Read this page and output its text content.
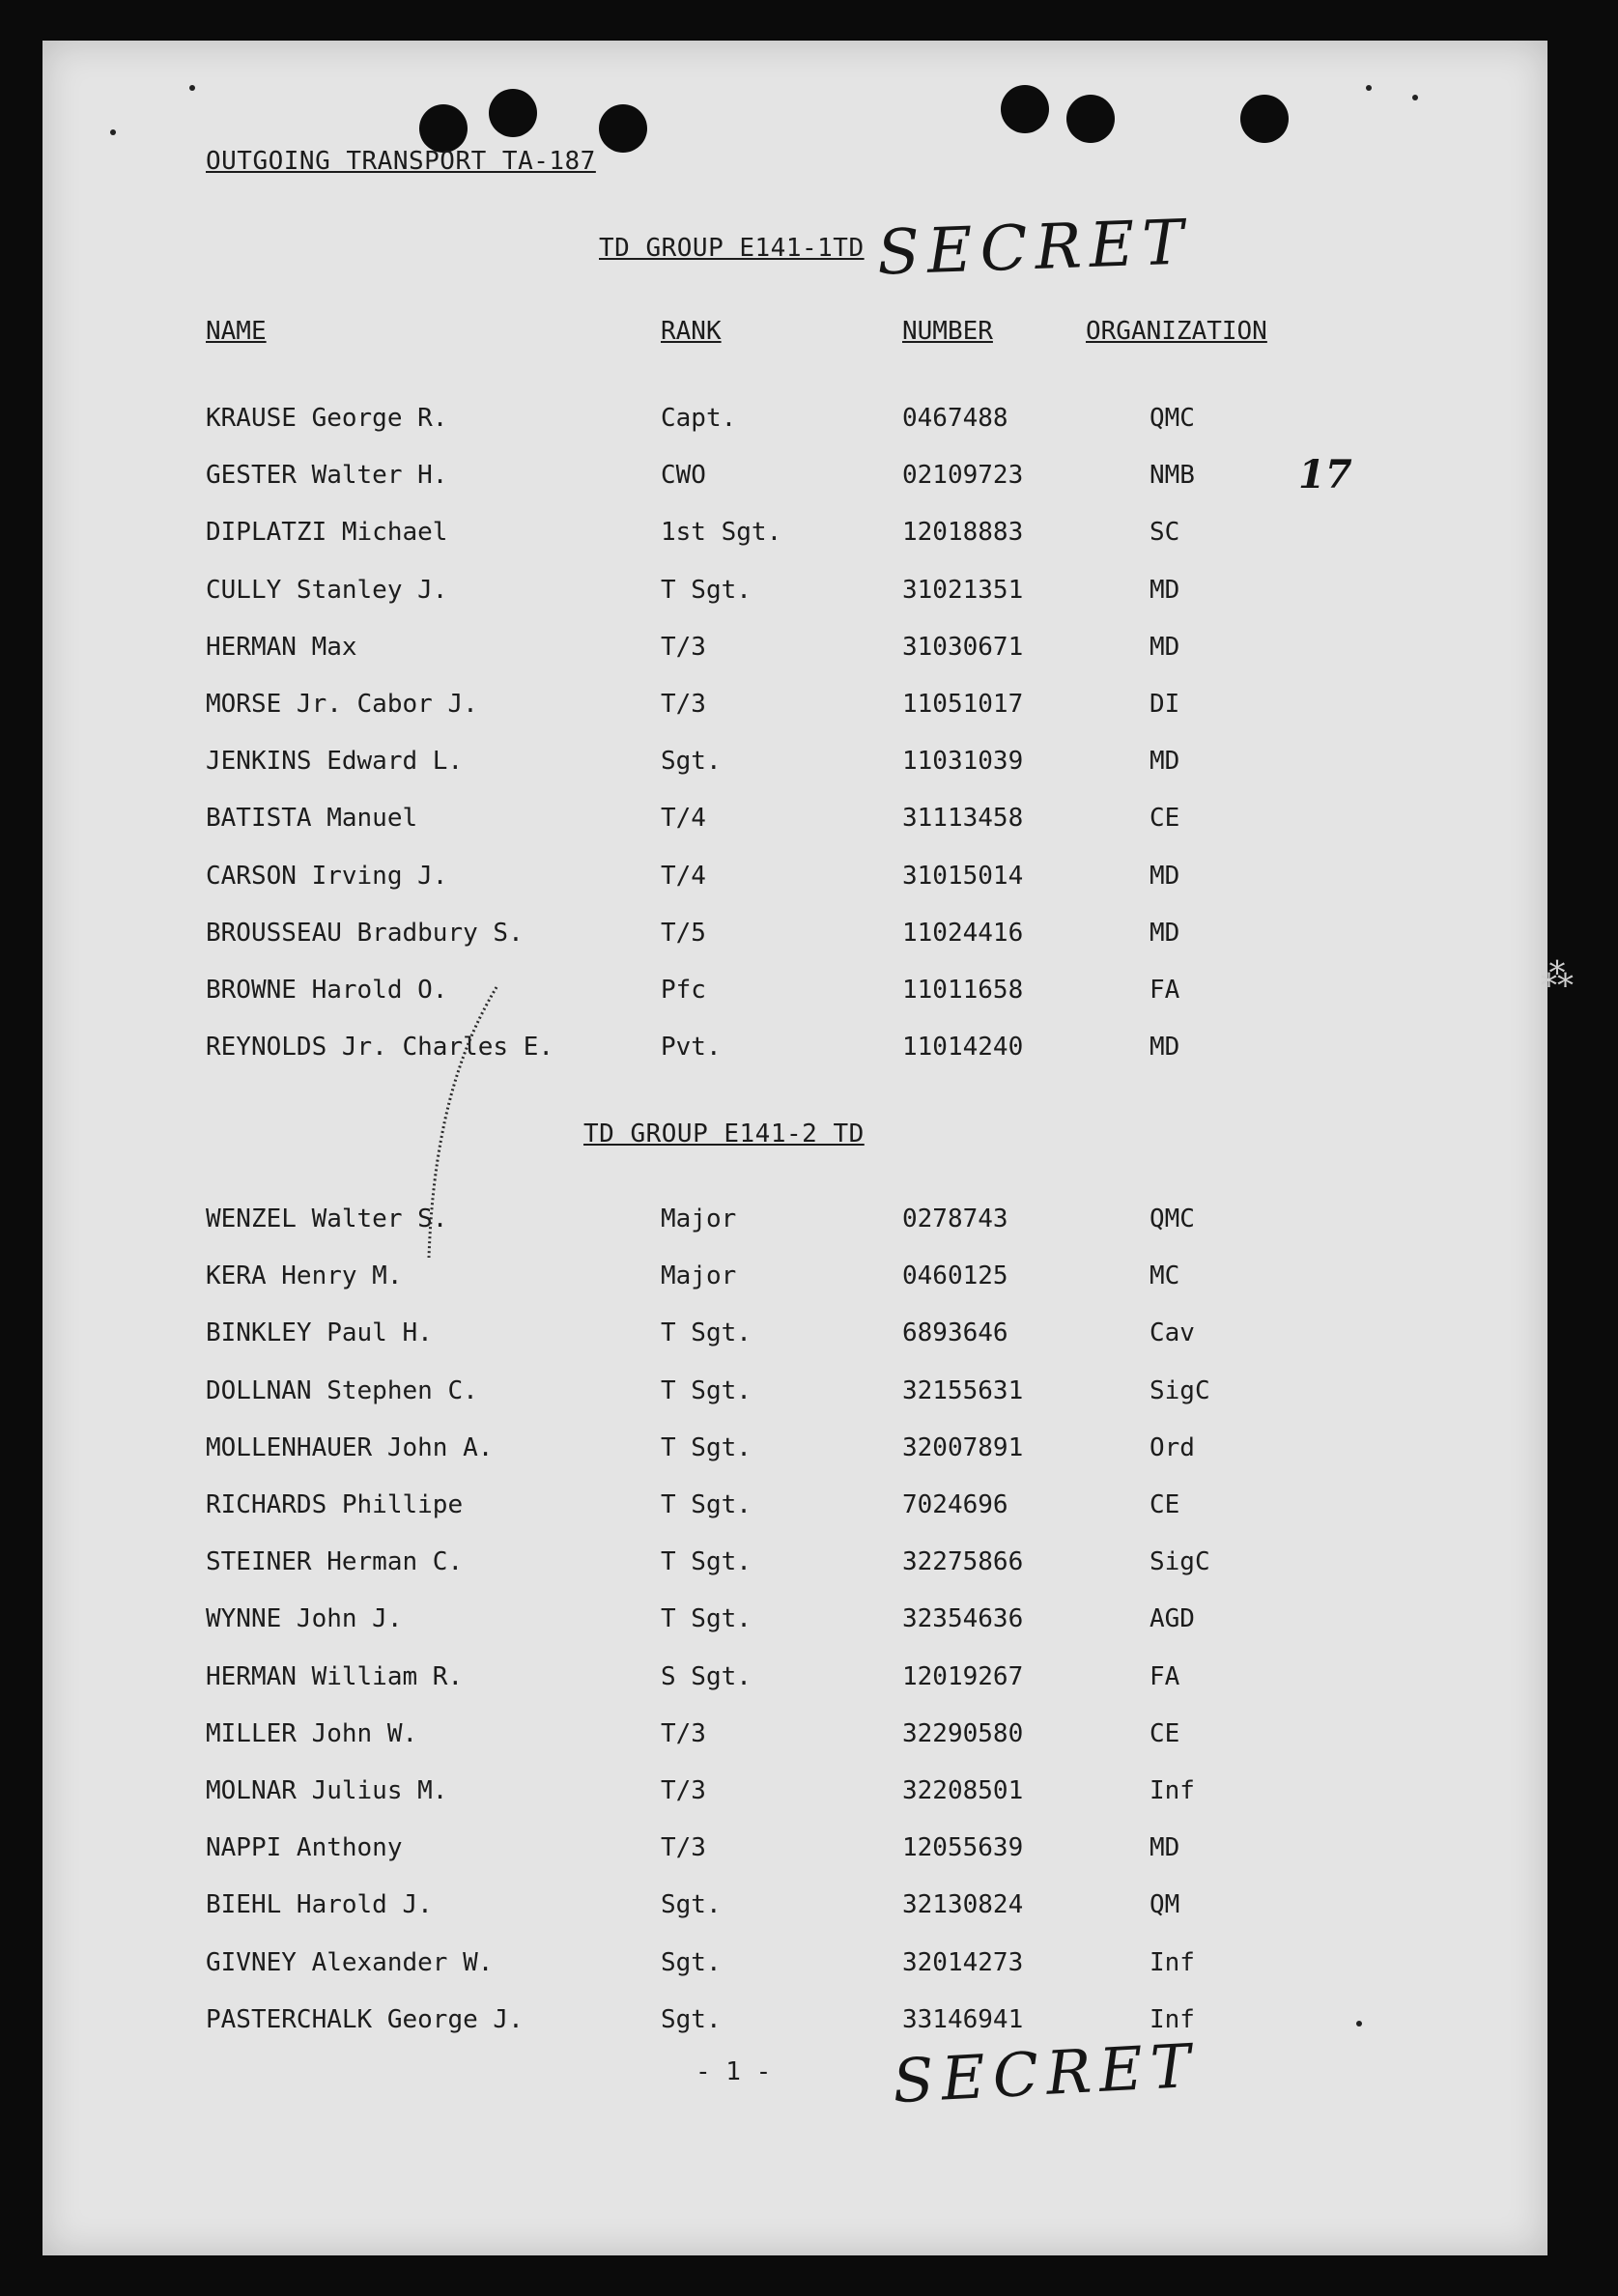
OUTGOING TRANSPORT TA-187
TD GROUP E141-1TD SECRET
17
NAME	RANK	NUMBER	ORGANIZATION
KRAUSE George R.	Capt.	0467488	QMC
GESTER Walter H.	CWO	02109723	NMB
DIPLATZI Michael	1st Sgt.	12018883	SC
CULLY Stanley J.	T Sgt.	31021351	MD
HERMAN Max	T/3	31030671	MD
MORSE Jr. Cabor J.	T/3	11051017	DI
JENKINS Edward L.	Sgt.	11031039	MD
BATISTA Manuel	T/4	31113458	CE
CARSON Irving J.	T/4	31015014	MD
BROUSSEAU Bradbury S.	T/5	11024416	MD
BROWNE Harold O.	Pfc	11011658	FA
REYNOLDS Jr. Charles E.	Pvt.	11014240	MD
TD GROUP E141-2 TD
WENZEL Walter S.	Major	0278743	QMC
KERA Henry M.	Major	0460125	MC
BINKLEY Paul H.	T Sgt.	6893646	Cav
DOLLNAN Stephen C.	T Sgt.	32155631	SigC
MOLLENHAUER John A.	T Sgt.	32007891	Ord
RICHARDS Phillipe	T Sgt.	7024696	CE
STEINER Herman C.	T Sgt.	32275866	SigC
WYNNE John J.	T Sgt.	32354636	AGD
HERMAN William R.	S Sgt.	12019267	FA
MILLER John W.	T/3	32290580	CE
MOLNAR Julius M.	T/3	32208501	Inf
NAPPI Anthony	T/3	12055639	MD
BIEHL Harold J.	Sgt.	32130824	QM
GIVNEY Alexander W.	Sgt.	32014273	Inf
PASTERCHALK George J.	Sgt.	33146941	Inf
- 1 - SECRET
⁂
